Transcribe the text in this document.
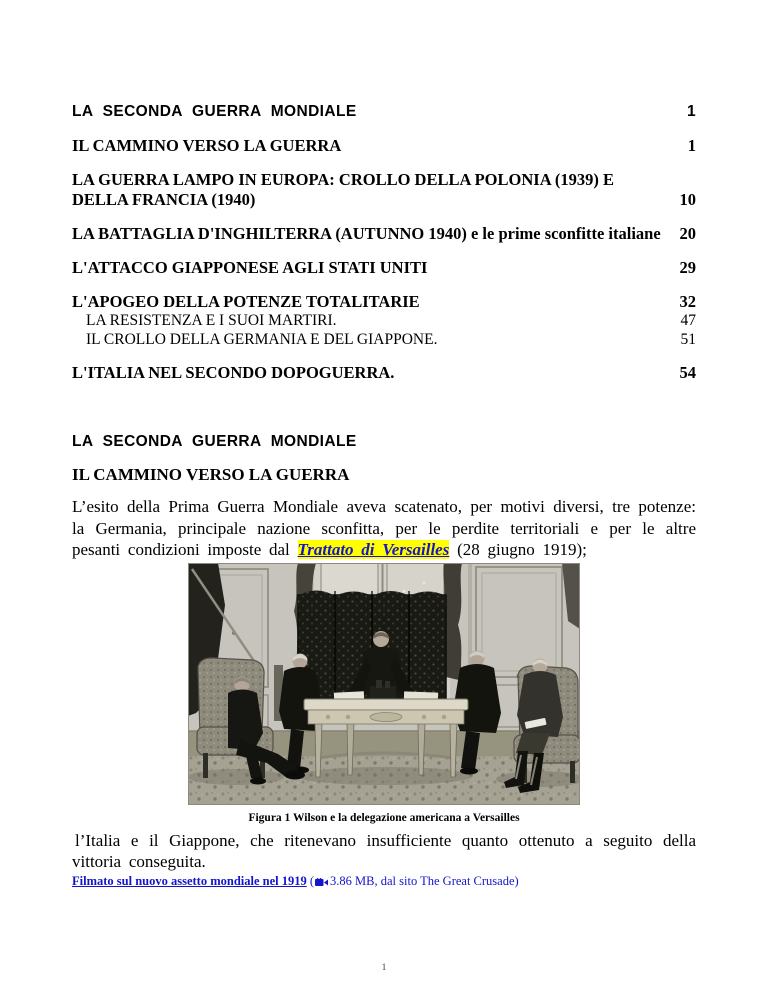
LA SECONDA GUERRA MONDIALE	1
IL CAMMINO VERSO LA GUERRA	1
LA GUERRA LAMPO IN EUROPA: CROLLO DELLA POLONIA (1939) E DELLA FRANCIA (1940)	10
LA BATTAGLIA D'INGHILTERRA (AUTUNNO 1940) e le prime sconfitte italiane	20
L'ATTACCO GIAPPONESE AGLI STATI UNITI	29
L'APOGEO DELLA POTENZE TOTALITARIE	32
LA RESISTENZA E I SUOI MARTIRI.	47
IL CROLLO DELLA GERMANIA E DEL GIAPPONE.	51
L'ITALIA NEL SECONDO DOPOGUERRA.	54
LA SECONDA GUERRA MONDIALE
IL CAMMINO VERSO LA GUERRA

L’esito della Prima Guerra Mondiale aveva scatenato, per motivi diversi, tre potenze: la Germania, principale nazione sconfitta, per le perdite territoriali e per le altre pesanti condizioni imposte dal Trattato di Versailles (28 giugno 1919);

Figura 1 Wilson e la delegazione americana a Versailles

l’Italia e il Giappone, che ritenevano insufficiente quanto ottenuto a seguito della vittoria conseguita.

Filmato sul nuovo assetto mondiale nel 1919 ( 3.86 MB, dal sito The Great Crusade)
1
